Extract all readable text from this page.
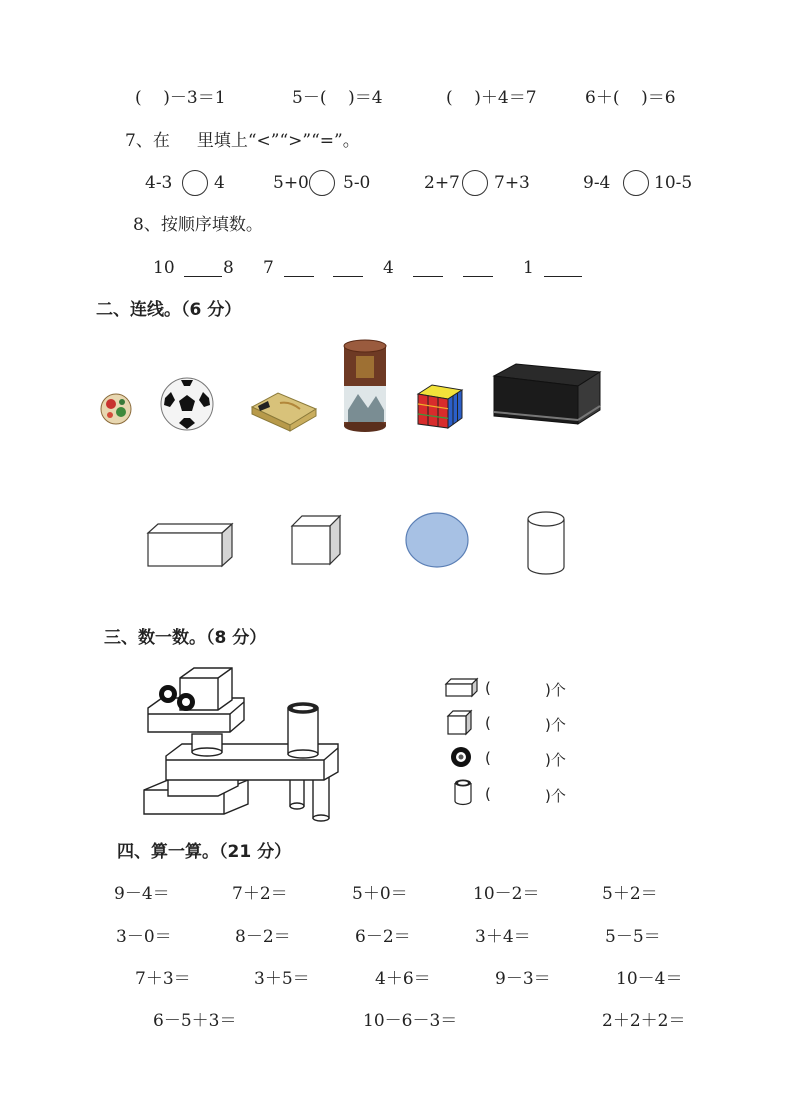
(    )－3＝1	5－(    )＝4	(    )＋4＝7	6＋(    )＝6
7、在     里填上“<”“>”“=”。
4-3 4	5+0 5-0	2+7 7+3	9-4	10-5
8、按顺序填数。
10	8 7	4	1
二、连线。（6 分）
三、数一数。（8 分）
(	)个
(	)个
(	)个
(	)个
四、算一算。（21 分）
9－4＝	7＋2＝	5＋0＝	10－2＝	5＋2＝
3－0＝	8－2＝	6－2＝	3＋4＝	5－5＝
7＋3＝	3＋5＝	4＋6＝	9－3＝	10－4＝
6－5＋3＝	10－6－3＝	2＋2＋2＝
